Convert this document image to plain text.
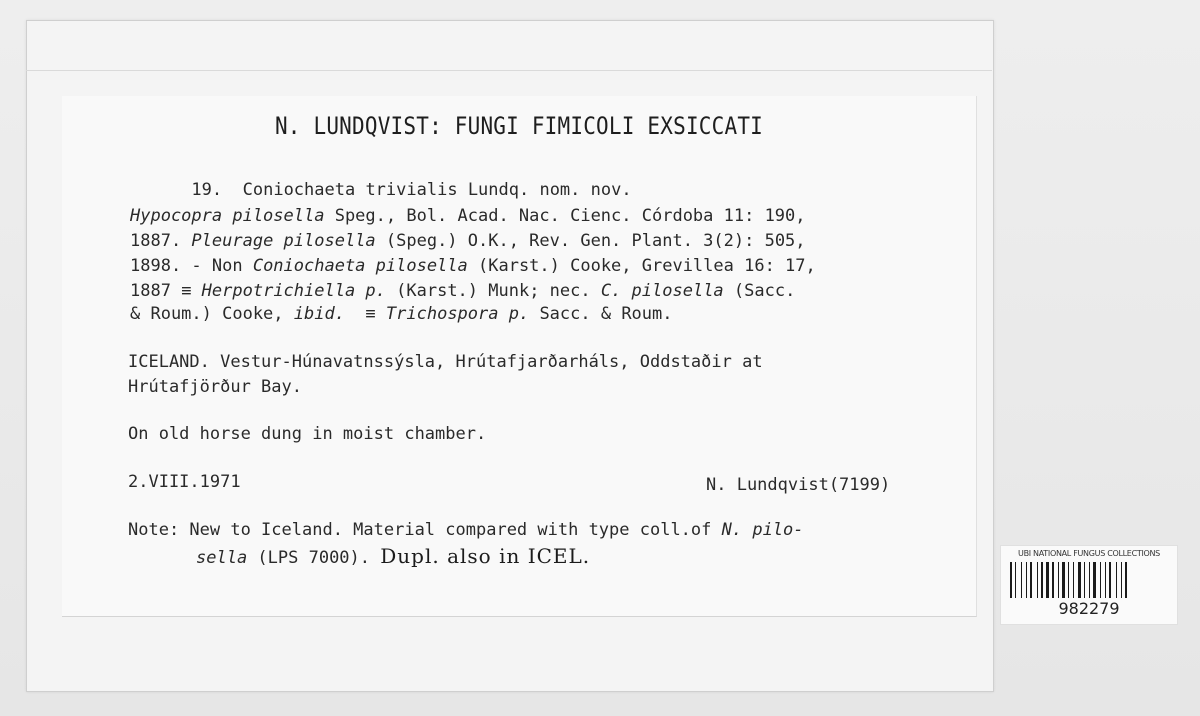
N. LUNDQVIST: FUNGI FIMICOLI EXSICCATI

19. Coniochaeta trivialis Lundq. nom. nov.

Hypocopra pilosella Speg., Bol. Acad. Nac. Cienc. Córdoba 11: 190,
1887. Pleurage pilosella (Speg.) O.K., Rev. Gen. Plant. 3(2): 505,
1898. - Non Coniochaeta pilosella (Karst.) Cooke, Grevillea 16: 17,
1887 ≡ Herpotrichiella p. (Karst.) Munk; nec. C. pilosella (Sacc.
& Roum.) Cooke, ibid.  ≡ Trichospora p. Sacc. & Roum.
ICELAND. Vestur-Húnavatnssýsla, Hrútafjarðarháls, Oddstaðir at
Hrútafjörður Bay.
On old horse dung in moist chamber.
2.VIII.1971	N. Lundqvist(7199)
Note: New to Iceland. Material compared with type coll.of N. pilo-
sella (LPS 7000). Dupl. also in ICEL.	UBI NATIONAL FUNGUS COLLECTIONS
982279
